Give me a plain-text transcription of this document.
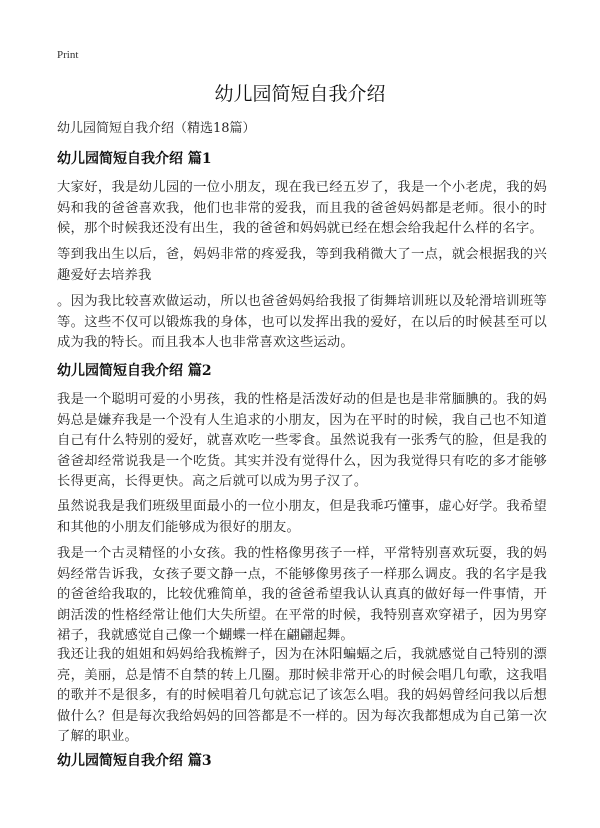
Print
幼儿园简短自我介绍
幼儿园简短自我介绍（精选18篇）
幼儿园简短自我介绍 篇1

大家好，我是幼儿园的一位小朋友，现在我已经五岁了，我是一个小老虎，我的妈妈和我的爸爸喜欢我，他们也非常的爱我，而且我的爸爸妈妈都是老师。很小的时候，那个时候我还没有出生，我的爸爸和妈妈就已经在想会给我起什么样的名字。

等到我出生以后，爸，妈妈非常的疼爱我，等到我稍微大了一点，就会根据我的兴趣爱好去培养我

。因为我比较喜欢做运动，所以也爸爸妈妈给我报了街舞培训班以及轮滑培训班等等。这些不仅可以锻炼我的身体，也可以发挥出我的爱好，在以后的时候甚至可以成为我的特长。而且我本人也非常喜欢这些运动。

幼儿园简短自我介绍 篇2

我是一个聪明可爱的小男孩，我的性格是活泼好动的但是也是非常腼腆的。我的妈妈总是嫌弃我是一个没有人生追求的小朋友，因为在平时的时候，我自己也不知道自己有什么特别的爱好，就喜欢吃一些零食。虽然说我有一张秀气的脸，但是我的爸爸却经常说我是一个吃货。其实并没有觉得什么，因为我觉得只有吃的多才能够长得更高，长得更快。高之后就可以成为男子汉了。

虽然说我是我们班级里面最小的一位小朋友，但是我乖巧懂事，虚心好学。我希望和其他的小朋友们能够成为很好的朋友。

我是一个古灵精怪的小女孩。我的性格像男孩子一样，平常特别喜欢玩耍，我的妈妈经常告诉我，女孩子要文静一点，不能够像男孩子一样那么调皮。我的名字是我的爸爸给我取的，比较优雅简单，我的爸爸希望我认认真真的做好每一件事情，开朗活泼的性格经常让他们大失所望。在平常的时候，我特别喜欢穿裙子，因为男穿裙子，我就感觉自己像一个蝴蝶一样在翩翩起舞。

我还让我的姐姐和妈妈给我梳辫子，因为在沐阳蝙蝠之后，我就感觉自己特别的漂亮，美丽，总是情不自禁的转上几圈。那时候非常开心的时候会唱几句歌，这我唱的歌并不是很多，有的时候唱着几句就忘记了该怎么唱。我的妈妈曾经问我以后想做什么？但是每次我给妈妈的回答都是不一样的。因为每次我都想成为自己第一次了解的职业。

幼儿园简短自我介绍 篇3
